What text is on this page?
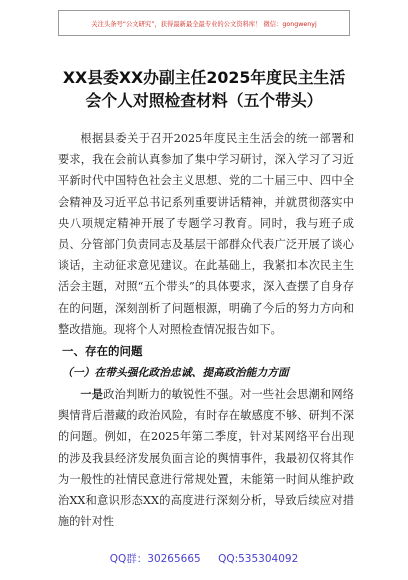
关注头条号“公文研究”，获得最新最全最专业的公文资料库！ 微信：gongwenyj
XX县委XX办副主任2025年度民主生活
会个人对照检查材料（五个带头）

根据县委关于召开2025年度民主生活会的统一部署和要求，我在会前认真参加了集中学习研讨，深入学习了习近平新时代中国特色社会主义思想、党的二十届三中、四中全会精神及习近平总书记系列重要讲话精神，并就贯彻落实中央八项规定精神开展了专题学习教育。同时，我与班子成员、分管部门负责同志及基层干部群众代表广泛开展了谈心谈话，主动征求意见建议。在此基础上，我紧扣本次民主生活会主题，对照“五个带头”的具体要求，深入查摆了自身存在的问题，深刻剖析了问题根源，明确了今后的努力方向和整改措施。现将个人对照检查情况报告如下。

一、存在的问题

（一）在带头强化政治忠诚、提高政治能力方面

一是政治判断力的敏锐性不强。对一些社会思潮和网络舆情背后潜藏的政治风险，有时存在敏感度不够、研判不深的问题。例如，在2025年第二季度，针对某网络平台出现的涉及我县经济发展负面言论的舆情事件，我最初仅将其作为一般性的社情民意进行常规处置，未能第一时间从维护政治XX和意识形态XX的高度进行深刻分析，导致后续应对措施的针对性

QQ群：30265665 QQ:535304092
